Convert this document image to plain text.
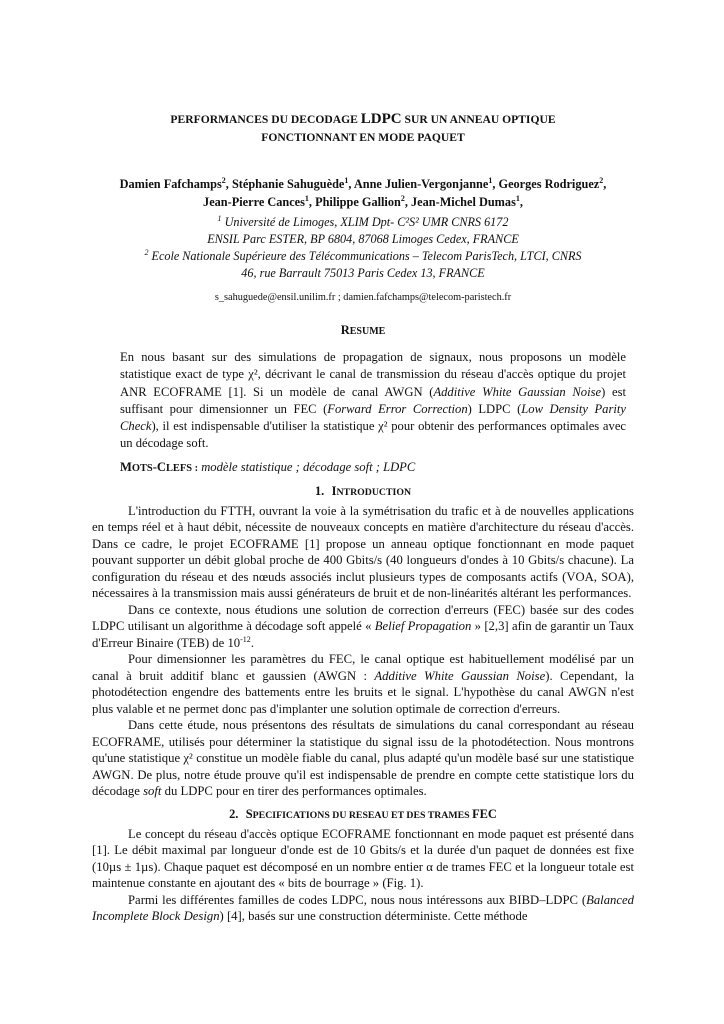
PERFORMANCES DU DECODAGE LDPC SUR UN ANNEAU OPTIQUE
FONCTIONNANT EN MODE PAQUET
Damien Fafchamps$^2$, Stéphanie Sahuguède$^1$, Anne Julien-Vergonjanne$^1$, Georges Rodriguez$^2$,
Jean-Pierre Cances$^1$, Philippe Gallion$^2$, Jean-Michel Dumas$^1$,
$^1$ Université de Limoges, XLIM Dpt- C²S² UMR CNRS 6172
ENSIL Parc ESTER, BP 6804, 87068 Limoges Cedex, FRANCE
$^2$ Ecole Nationale Supérieure des Télécommunications – Telecom ParisTech, LTCI, CNRS
46, rue Barrault 75013 Paris Cedex 13, FRANCE
s_sahuguede@ensil.unilim.fr ; damien.fafchamps@telecom-paristech.fr
RESUME
En nous basant sur des simulations de propagation de signaux, nous proposons un modèle statistique exact de type χ², décrivant le canal de transmission du réseau d'accès optique du projet ANR ECOFRAME [1]. Si un modèle de canal AWGN (Additive White Gaussian Noise) est suffisant pour dimensionner un FEC (Forward Error Correction) LDPC (Low Density Parity Check), il est indispensable d'utiliser la statistique χ² pour obtenir des performances optimales avec un décodage soft.
MOTS-CLEFS : modèle statistique ; décodage soft ; LDPC
1. INTRODUCTION

L'introduction du FTTH, ouvrant la voie à la symétrisation du trafic et à de nouvelles applications en temps réel et à haut débit, nécessite de nouveaux concepts en matière d'architecture du réseau d'accès. Dans ce cadre, le projet ECOFRAME [1] propose un anneau optique fonctionnant en mode paquet pouvant supporter un débit global proche de 400 Gbits/s (40 longueurs d'ondes à 10 Gbits/s chacune). La configuration du réseau et des nœuds associés inclut plusieurs types de composants actifs (VOA, SOA), nécessaires à la transmission mais aussi générateurs de bruit et de non-linéarités altérant les performances.

Dans ce contexte, nous étudions une solution de correction d'erreurs (FEC) basée sur des codes LDPC utilisant un algorithme à décodage soft appelé « Belief Propagation » [2,3] afin de garantir un Taux d'Erreur Binaire (TEB) de $10^{-12}$.

Pour dimensionner les paramètres du FEC, le canal optique est habituellement modélisé par un canal à bruit additif blanc et gaussien (AWGN : Additive White Gaussian Noise). Cependant, la photodétection engendre des battements entre les bruits et le signal. L'hypothèse du canal AWGN n'est plus valable et ne permet donc pas d'implanter une solution optimale de correction d'erreurs.

Dans cette étude, nous présentons des résultats de simulations du canal correspondant au réseau ECOFRAME, utilisés pour déterminer la statistique du signal issu de la photodétection. Nous montrons qu'une statistique χ² constitue un modèle fiable du canal, plus adapté qu'un modèle basé sur une statistique AWGN. De plus, notre étude prouve qu'il est indispensable de prendre en compte cette statistique lors du décodage soft du LDPC pour en tirer des performances optimales.

2. SPECIFICATIONS DU RESEAU ET DES TRAMES FEC

Le concept du réseau d'accès optique ECOFRAME fonctionnant en mode paquet est présenté dans [1]. Le débit maximal par longueur d'onde est de 10 Gbits/s et la durée d'un paquet de données est fixe (10µs ± 1µs). Chaque paquet est décomposé en un nombre entier α de trames FEC et la longueur totale est maintenue constante en ajoutant des « bits de bourrage » (Fig. 1).

Parmi les différentes familles de codes LDPC, nous nous intéressons aux BIBD–LDPC (Balanced Incomplete Block Design) [4], basés sur une construction déterministe. Cette méthode
